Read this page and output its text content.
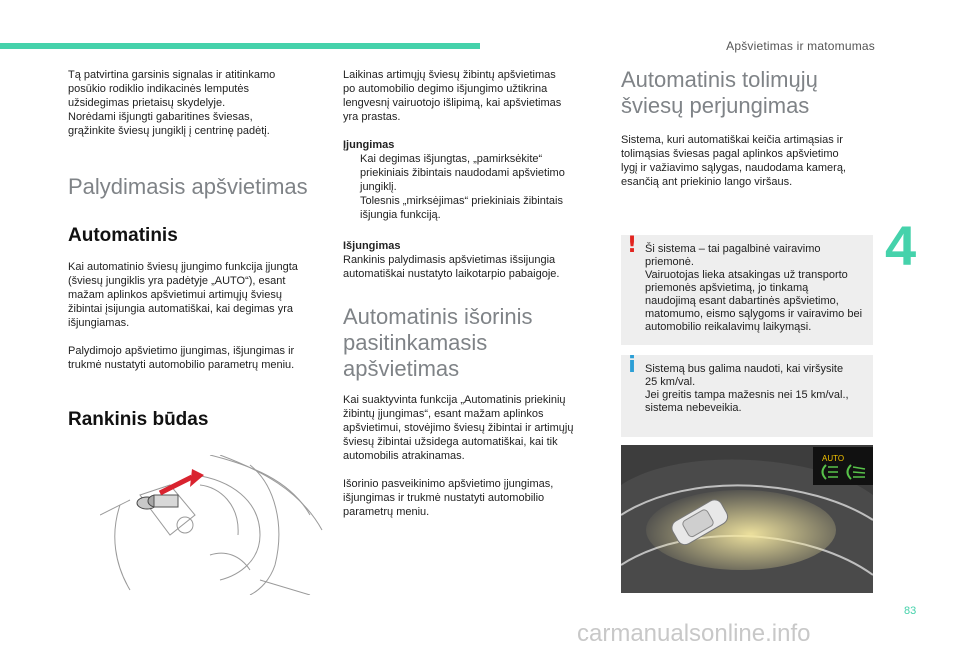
Apšvietimas ir matomumas

Tą patvirtina garsinis signalas ir atitinkamo
posūkio rodiklio indikacinės lemputės
užsidegimas prietaisų skydelyje.
Norėdami išjungti gabaritines šviesas,
grąžinkite šviesų jungiklį į centrinę padėtį.

Palydimasis apšvietimas
Automatinis

Kai automatinio šviesų įjungimo funkcija įjungta
(šviesų jungiklis yra padėtyje „AUTO“), esant
mažam aplinkos apšvietimui artimųjų šviesų
žibintai įsijungia automatiškai, kai degimas yra
išjungiamas.

Palydimojo apšvietimo įjungimas, išjungimas ir
trukmė nustatyti automobilio parametrų meniu.

Rankinis būdas

Laikinas artimųjų šviesų žibintų apšvietimas
po automobilio degimo išjungimo užtikrina
lengvesnį vairuotojo išlipimą, kai apšvietimas
yra prastas.

Įjungimas
Kai degimas išjungtas, „pamirksėkite“
priekiniais žibintais naudodami apšvietimo
jungiklį.
Tolesnis „mirksėjimas“ priekiniais žibintais
išjungia funkciją.
Išjungimas

Rankinis palydimasis apšvietimas išsijungia
automatiškai nustatyto laikotarpio pabaigoje.

Automatinis išorinis
pasitinkamasis apšvietimas

Kai suaktyvinta funkcija „Automatinis priekinių
žibintų įjungimas“, esant mažam aplinkos
apšvietimui, stovėjimo šviesų žibintai ir artimųjų
šviesų žibintai užsidega automatiškai, kai tik
automobilis atrakinamas.

Išorinio pasveikinimo apšvietimo įjungimas,
išjungimas ir trukmė nustatyti automobilio
parametrų meniu.

Automatinis tolimųjų
šviesų perjungimas

Sistema, kuri automatiškai keičia artimąsias ir
tolimąsias šviesas pagal aplinkos apšvietimo
lygį ir važiavimo sąlygas, naudodama kamerą,
esančią ant priekinio lango viršaus.

! Ši sistema – tai pagalbinė vairavimo
priemonė.
Vairuotojas lieka atsakingas už transporto
priemonės apšvietimą, jo tinkamą
naudojimą esant dabartinės apšvietimo,
matomumo, eismo sąlygoms ir vairavimo bei
automobilio reikalavimų laikymąsi.
i Sistemą bus galima naudoti, kai viršysite
25 km/val.
Jei greitis tampa mažesnis nei 15 km/val.,
sistema nebeveikia.
AUTO
4
83
carmanualsonline.info
